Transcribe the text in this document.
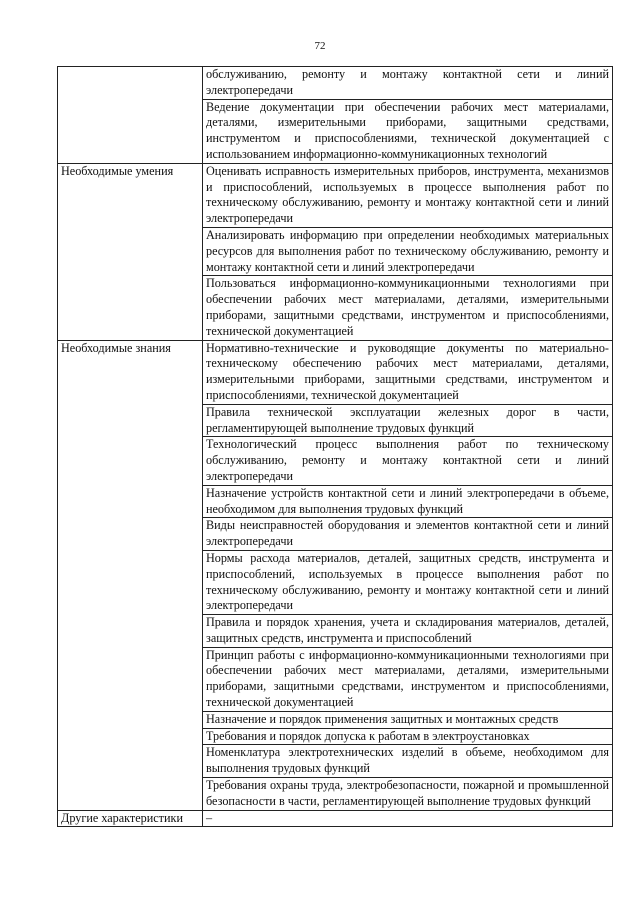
72
	обслуживанию, ремонту и монтажу контактной сети и линий электропередачи
	Ведение документации при обеспечении рабочих мест материалами, деталями, измерительными приборами, защитными средствами, инструментом и приспособлениями, технической документацией с использованием информационно-коммуникационных технологий
Необходимые умения	Оценивать исправность измерительных приборов, инструмента, механизмов и приспособлений, используемых в процессе выполнения работ по техническому обслуживанию, ремонту и монтажу контактной сети и линий электропередачи
	Анализировать информацию при определении необходимых материальных ресурсов для выполнения работ по техническому обслуживанию, ремонту и монтажу контактной сети и линий электропередачи
	Пользоваться информационно-коммуникационными технологиями при обеспечении рабочих мест материалами, деталями, измерительными приборами, защитными средствами, инструментом и приспособлениями, технической документацией
Необходимые знания	Нормативно-технические и руководящие документы по материально-техническому обеспечению рабочих мест материалами, деталями, измерительными приборами, защитными средствами, инструментом и приспособлениями, технической документацией
	Правила технической эксплуатации железных дорог в части, регламентирующей выполнение трудовых функций
	Технологический процесс выполнения работ по техническому обслуживанию, ремонту и монтажу контактной сети и линий электропередачи
	Назначение устройств контактной сети и линий электропередачи в объеме, необходимом для выполнения трудовых функций
	Виды неисправностей оборудования и элементов контактной сети и линий электропередачи
	Нормы расхода материалов, деталей, защитных средств, инструмента и приспособлений, используемых в процессе выполнения работ по техническому обслуживанию, ремонту и монтажу контактной сети и линий электропередачи
	Правила и порядок хранения, учета и складирования материалов, деталей, защитных средств, инструмента и приспособлений
	Принцип работы с информационно-коммуникационными технологиями при обеспечении рабочих мест материалами, деталями, измерительными приборами, защитными средствами, инструментом и приспособлениями, технической документацией
	Назначение и порядок применения защитных и монтажных средств
	Требования и порядок допуска к работам в электроустановках
	Номенклатура электротехнических изделий в объеме, необходимом для выполнения трудовых функций
	Требования охраны труда, электробезопасности, пожарной и промышленной безопасности в части, регламентирующей выполнение трудовых функций
Другие характеристики	–
